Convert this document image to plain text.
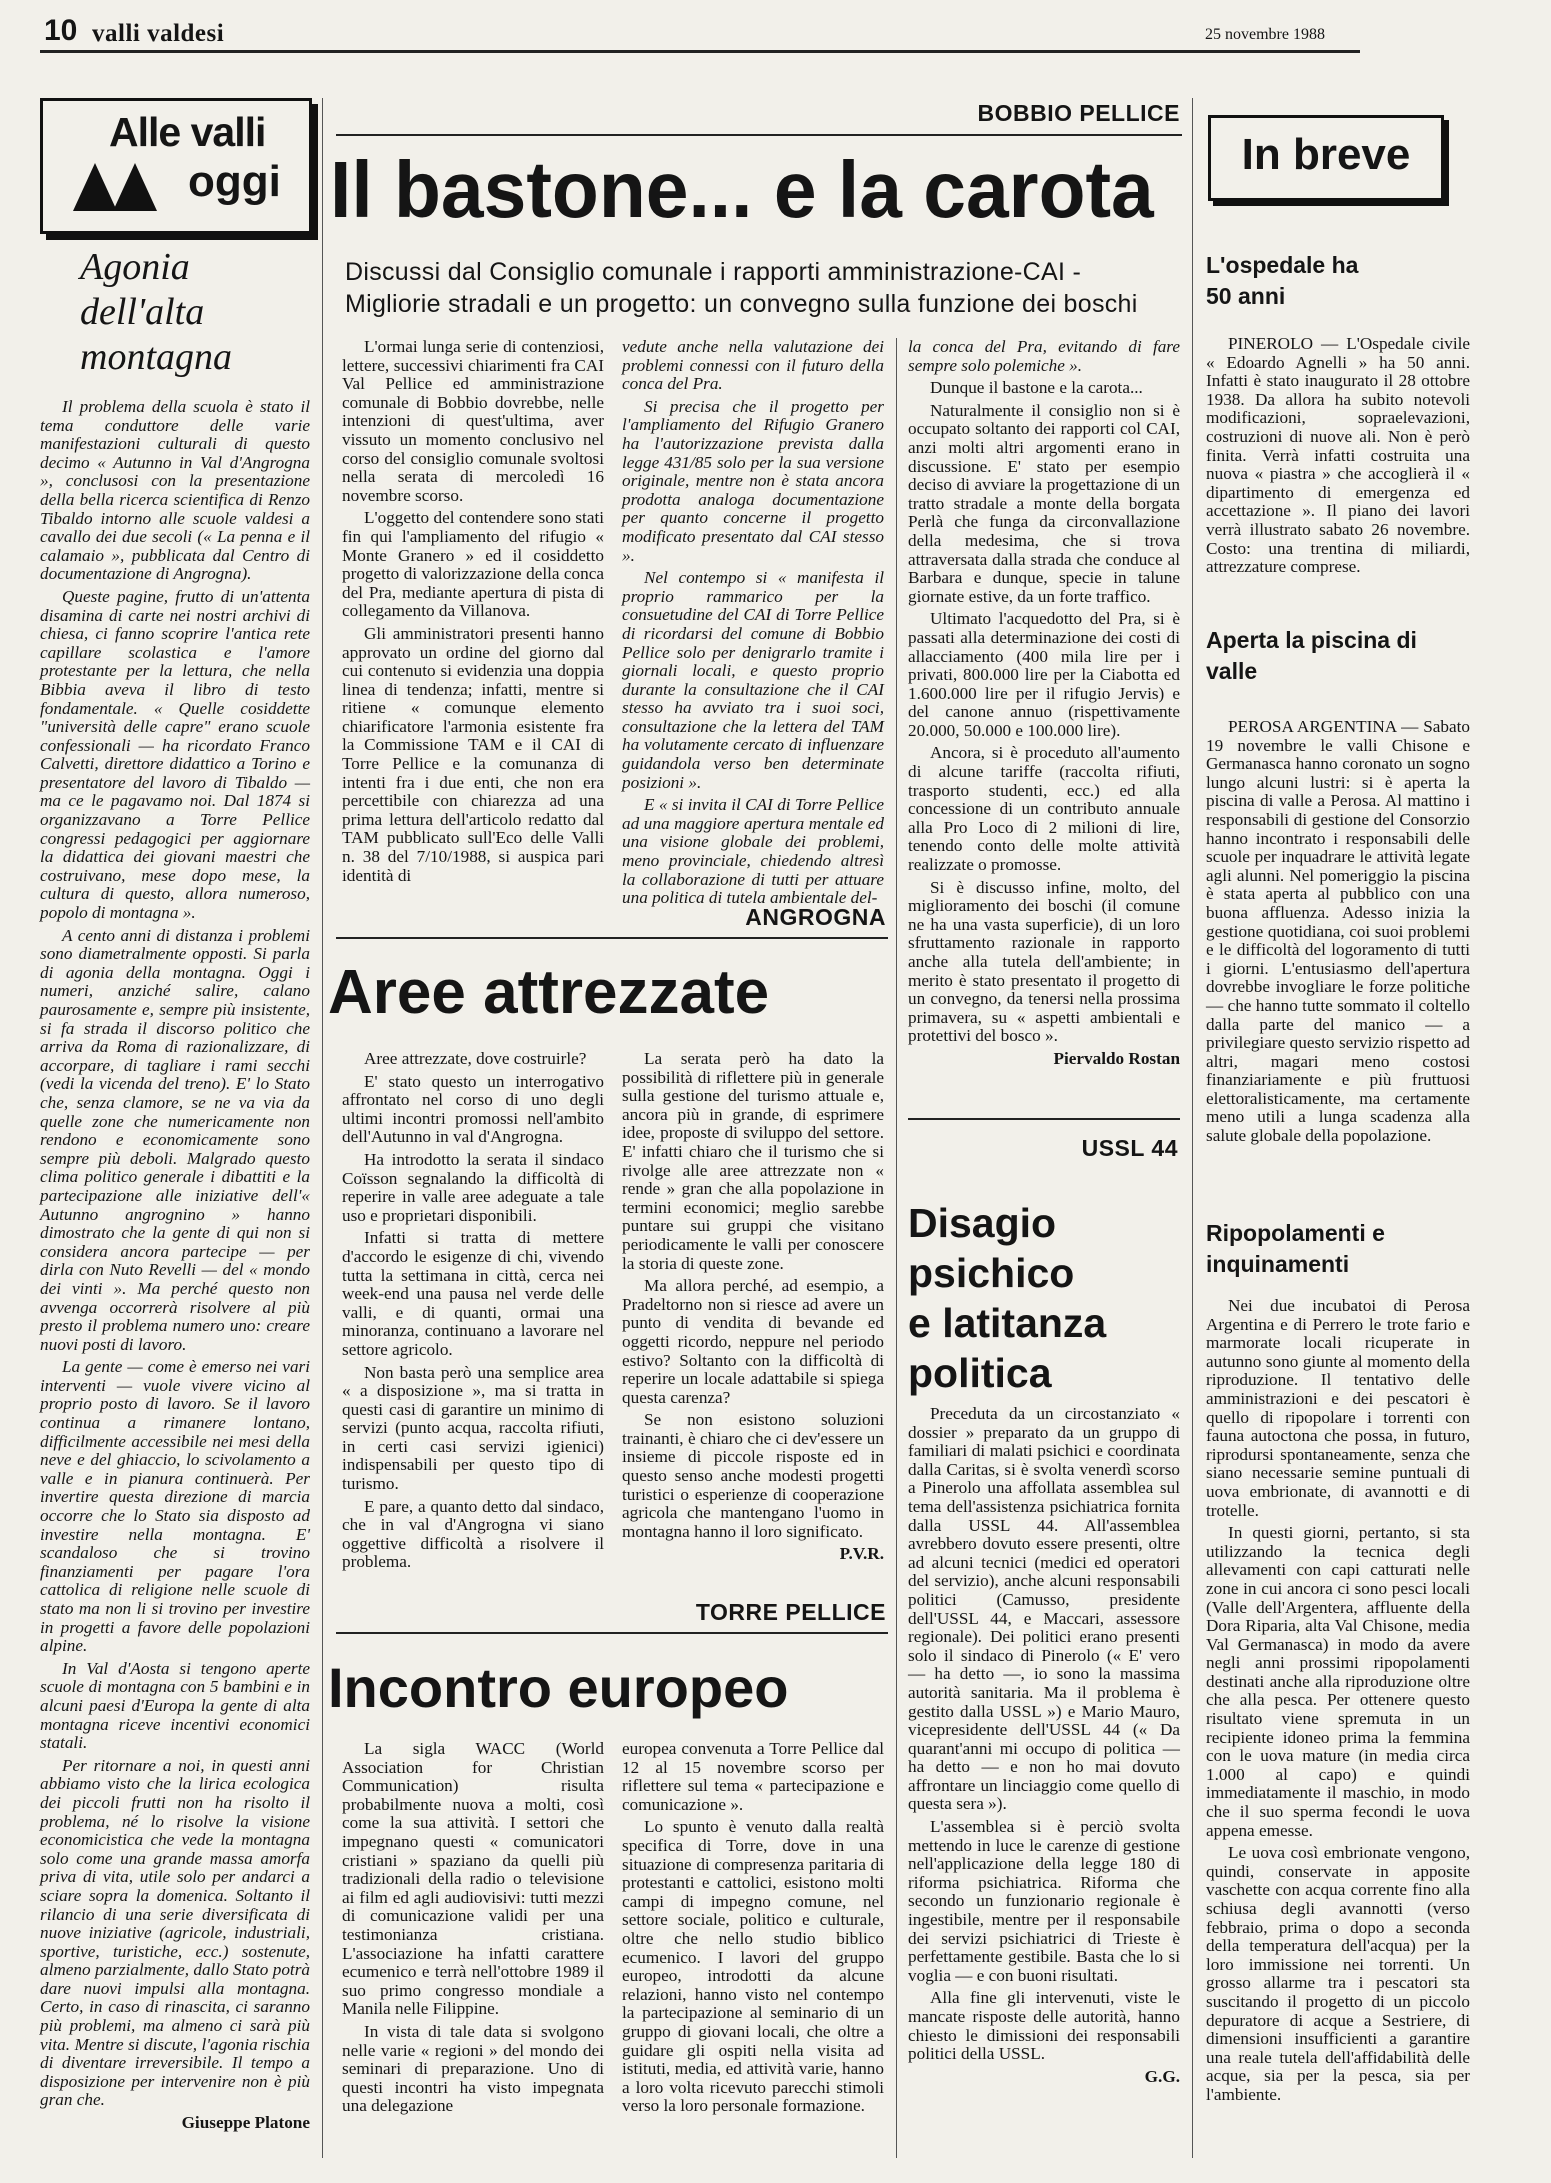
10 valli valdesi	25 novembre 1988
Alle valli
oggi
In breve
Agonia dell'alta montagna

Il problema della scuola è stato il tema conduttore delle varie manifestazioni culturali di questo decimo « Autunno in Val d'Angrogna », conclusosi con la presentazione della bella ricerca scientifica di Renzo Tibaldo intorno alle scuole valdesi a cavallo dei due secoli (« La penna e il calamaio », pubblicata dal Centro di documentazione di Angrogna).

Queste pagine, frutto di un'attenta disamina di carte nei nostri archivi di chiesa, ci fanno scoprire l'antica rete capillare scolastica e l'amore protestante per la lettura, che nella Bibbia aveva il libro di testo fondamentale. « Quelle cosiddette "università delle capre" erano scuole confessionali — ha ricordato Franco Calvetti, direttore didattico a Torino e presentatore del lavoro di Tibaldo — ma ce le pagavamo noi. Dal 1874 si organizzavano a Torre Pellice congressi pedagogici per aggiornare la didattica dei giovani maestri che costruivano, mese dopo mese, la cultura di questo, allora numeroso, popolo di montagna ».

A cento anni di distanza i problemi sono diametralmente opposti. Si parla di agonia della montagna. Oggi i numeri, anziché salire, calano paurosamente e, sempre più insistente, si fa strada il discorso politico che arriva da Roma di razionalizzare, di accorpare, di tagliare i rami secchi (vedi la vicenda del treno). E' lo Stato che, senza clamore, se ne va via da quelle zone che numericamente non rendono e economicamente sono sempre più deboli. Malgrado questo clima politico generale i dibattiti e la partecipazione alle iniziative dell'« Autunno angrognino » hanno dimostrato che la gente di qui non si considera ancora partecipe — per dirla con Nuto Revelli — del « mondo dei vinti ». Ma perché questo non avvenga occorrerà risolvere al più presto il problema numero uno: creare nuovi posti di lavoro.

La gente — come è emerso nei vari interventi — vuole vivere vicino al proprio posto di lavoro. Se il lavoro continua a rimanere lontano, difficilmente accessibile nei mesi della neve e del ghiaccio, lo scivolamento a valle e in pianura continuerà. Per invertire questa direzione di marcia occorre che lo Stato sia disposto ad investire nella montagna. E' scandaloso che si trovino finanziamenti per pagare l'ora cattolica di religione nelle scuole di stato ma non li si trovino per investire in progetti a favore delle popolazioni alpine.

In Val d'Aosta si tengono aperte scuole di montagna con 5 bambini e in alcuni paesi d'Europa la gente di alta montagna riceve incentivi economici statali.

Per ritornare a noi, in questi anni abbiamo visto che la lirica ecologica dei piccoli frutti non ha risolto il problema, né lo risolve la visione economicistica che vede la montagna solo come una grande massa amorfa priva di vita, utile solo per andarci a sciare sopra la domenica. Soltanto il rilancio di una serie diversificata di nuove iniziative (agricole, industriali, sportive, turistiche, ecc.) sostenute, almeno parzialmente, dallo Stato potrà dare nuovi impulsi alla montagna. Certo, in caso di rinascita, ci saranno più problemi, ma almeno ci sarà più vita. Mentre si discute, l'agonia rischia di diventare irreversibile. Il tempo a disposizione per intervenire non è più gran che.

Giuseppe Platone
BOBBIO PELLICE
Il bastone... e la carota
Discussi dal Consiglio comunale i rapporti amministrazione-CAI - Migliorie stradali e un progetto: un convegno sulla funzione dei boschi

L'ormai lunga serie di contenziosi, lettere, successivi chiarimenti fra CAI Val Pellice ed amministrazione comunale di Bobbio dovrebbe, nelle intenzioni di quest'ultima, aver vissuto un momento conclusivo nel corso del consiglio comunale svoltosi nella serata di mercoledì 16 novembre scorso.

L'oggetto del contendere sono stati fin qui l'ampliamento del rifugio « Monte Granero » ed il cosiddetto progetto di valorizzazione della conca del Pra, mediante apertura di pista di collegamento da Villanova.

Gli amministratori presenti hanno approvato un ordine del giorno dal cui contenuto si evidenzia una doppia linea di tendenza; infatti, mentre si ritiene « comunque elemento chiarificatore l'armonia esistente fra la Commissione TAM e il CAI di Torre Pellice e la comunanza di intenti fra i due enti, che non era percettibile con chiarezza ad una prima lettura dell'articolo redatto dal TAM pubblicato sull'Eco delle Valli n. 38 del 7/10/1988, si auspica pari identità di

vedute anche nella valutazione dei problemi connessi con il futuro della conca del Pra.

Si precisa che il progetto per l'ampliamento del Rifugio Granero ha l'autorizzazione prevista dalla legge 431/85 solo per la sua versione originale, mentre non è stata ancora prodotta analoga documentazione per quanto concerne il progetto modificato presentato dal CAI stesso ».

Nel contempo si « manifesta il proprio rammarico per la consuetudine del CAI di Torre Pellice di ricordarsi del comune di Bobbio Pellice solo per denigrarlo tramite i giornali locali, e questo proprio durante la consultazione che il CAI stesso ha avviato tra i suoi soci, consultazione che la lettera del TAM ha volutamente cercato di influenzare guidandola verso ben determinate posizioni ».

E « si invita il CAI di Torre Pellice ad una maggiore apertura mentale ed una visione globale dei problemi, meno provinciale, chiedendo altresì la collaborazione di tutti per attuare una politica di tutela ambientale del-

la conca del Pra, evitando di fare sempre solo polemiche ».

Dunque il bastone e la carota...

Naturalmente il consiglio non si è occupato soltanto dei rapporti col CAI, anzi molti altri argomenti erano in discussione. E' stato per esempio deciso di avviare la progettazione di un tratto stradale a monte della borgata Perlà che funga da circonvallazione della medesima, che si trova attraversata dalla strada che conduce al Barbara e dunque, specie in talune giornate estive, da un forte traffico.

Ultimato l'acquedotto del Pra, si è passati alla determinazione dei costi di allacciamento (400 mila lire per i privati, 800.000 lire per la Ciabotta ed 1.600.000 lire per il rifugio Jervis) e del canone annuo (rispettivamente 20.000, 50.000 e 100.000 lire).

Ancora, si è proceduto all'aumento di alcune tariffe (raccolta rifiuti, trasporto studenti, ecc.) ed alla concessione di un contributo annuale alla Pro Loco di 2 milioni di lire, tenendo conto delle molte attività realizzate o promosse.

Si è discusso infine, molto, del miglioramento dei boschi (il comune ne ha una vasta superficie), di un loro sfruttamento razionale in rapporto anche alla tutela dell'ambiente; in merito è stato presentato il progetto di un convegno, da tenersi nella prossima primavera, su « aspetti ambientali e protettivi del bosco ».

Piervaldo Rostan
ANGROGNA
Aree attrezzate

Aree attrezzate, dove costruirle?

E' stato questo un interrogativo affrontato nel corso di uno degli ultimi incontri promossi nell'ambito dell'Autunno in val d'Angrogna.

Ha introdotto la serata il sindaco Coïsson segnalando la difficoltà di reperire in valle aree adeguate a tale uso e proprietari disponibili.

Infatti si tratta di mettere d'accordo le esigenze di chi, vivendo tutta la settimana in città, cerca nei week-end una pausa nel verde delle valli, e di quanti, ormai una minoranza, continuano a lavorare nel settore agricolo.

Non basta però una semplice area « a disposizione », ma si tratta in questi casi di garantire un minimo di servizi (punto acqua, raccolta rifiuti, in certi casi servizi igienici) indispensabili per questo tipo di turismo.

E pare, a quanto detto dal sindaco, che in val d'Angrogna vi siano oggettive difficoltà a risolvere il problema.

La serata però ha dato la possibilità di riflettere più in generale sulla gestione del turismo attuale e, ancora più in grande, di esprimere idee, proposte di sviluppo del settore. E' infatti chiaro che il turismo che si rivolge alle aree attrezzate non « rende » gran che alla popolazione in termini economici; meglio sarebbe puntare sui gruppi che visitano periodicamente le valli per conoscere la storia di queste zone.

Ma allora perché, ad esempio, a Pradeltorno non si riesce ad avere un punto di vendita di bevande ed oggetti ricordo, neppure nel periodo estivo? Soltanto con la difficoltà di reperire un locale adattabile si spiega questa carenza?

Se non esistono soluzioni trainanti, è chiaro che ci dev'essere un insieme di piccole risposte ed in questo senso anche modesti progetti turistici o esperienze di cooperazione agricola che mantengano l'uomo in montagna hanno il loro significato.

P.V.R.
TORRE PELLICE
Incontro europeo

La sigla WACC (World Association for Christian Communication) risulta probabilmente nuova a molti, così come la sua attività. I settori che impegnano questi « comunicatori cristiani » spaziano da quelli più tradizionali della radio o televisione ai film ed agli audiovisivi: tutti mezzi di comunicazione validi per una testimonianza cristiana. L'associazione ha infatti carattere ecumenico e terrà nell'ottobre 1989 il suo primo congresso mondiale a Manila nelle Filippine.

In vista di tale data si svolgono nelle varie « regioni » del mondo dei seminari di preparazione. Uno di questi incontri ha visto impegnata una delegazione

europea convenuta a Torre Pellice dal 12 al 15 novembre scorso per riflettere sul tema « partecipazione e comunicazione ».

Lo spunto è venuto dalla realtà specifica di Torre, dove in una situazione di compresenza paritaria di protestanti e cattolici, esistono molti campi di impegno comune, nel settore sociale, politico e culturale, oltre che nello studio biblico ecumenico. I lavori del gruppo europeo, introdotti da alcune relazioni, hanno visto nel contempo la partecipazione al seminario di un gruppo di giovani locali, che oltre a guidare gli ospiti nella visita ad istituti, media, ed attività varie, hanno a loro volta ricevuto parecchi stimoli verso la loro personale formazione.

USSL 44
Disagio
psichico
e latitanza
politica

Preceduta da un circostanziato « dossier » preparato da un gruppo di familiari di malati psichici e coordinata dalla Caritas, si è svolta venerdì scorso a Pinerolo una affollata assemblea sul tema dell'assistenza psichiatrica fornita dalla USSL 44. All'assemblea avrebbero dovuto essere presenti, oltre ad alcuni tecnici (medici ed operatori del servizio), anche alcuni responsabili politici (Camusso, presidente dell'USSL 44, e Maccari, assessore regionale). Dei politici erano presenti solo il sindaco di Pinerolo (« E' vero — ha detto —, io sono la massima autorità sanitaria. Ma il problema è gestito dalla USSL ») e Mario Mauro, vicepresidente dell'USSL 44 (« Da quarant'anni mi occupo di politica — ha detto — e non ho mai dovuto affrontare un linciaggio come quello di questa sera »).

L'assemblea si è perciò svolta mettendo in luce le carenze di gestione nell'applicazione della legge 180 di riforma psichiatrica. Riforma che secondo un funzionario regionale è ingestibile, mentre per il responsabile dei servizi psichiatrici di Trieste è perfettamente gestibile. Basta che lo si voglia — e con buoni risultati.

Alla fine gli intervenuti, viste le mancate risposte delle autorità, hanno chiesto le dimissioni dei responsabili politici della USSL.

G.G.
L'ospedale ha 50 anni

PINEROLO — L'Ospedale civile « Edoardo Agnelli » ha 50 anni. Infatti è stato inaugurato il 28 ottobre 1938. Da allora ha subito notevoli modificazioni, sopraelevazioni, costruzioni di nuove ali. Non è però finita. Verrà infatti costruita una nuova « piastra » che accoglierà il « dipartimento di emergenza ed accettazione ». Il piano dei lavori verrà illustrato sabato 26 novembre. Costo: una trentina di miliardi, attrezzature comprese.

Aperta la piscina di valle

PEROSA ARGENTINA — Sabato 19 novembre le valli Chisone e Germanasca hanno coronato un sogno lungo alcuni lustri: si è aperta la piscina di valle a Perosa. Al mattino i responsabili di gestione del Consorzio hanno incontrato i responsabili delle scuole per inquadrare le attività legate agli alunni. Nel pomeriggio la piscina è stata aperta al pubblico con una buona affluenza. Adesso inizia la gestione quotidiana, coi suoi problemi e le difficoltà del logoramento di tutti i giorni. L'entusiasmo dell'apertura dovrebbe invogliare le forze politiche — che hanno tutte sommato il coltello dalla parte del manico — a privilegiare questo servizio rispetto ad altri, magari meno costosi finanziariamente e più fruttuosi elettoralisticamente, ma certamente meno utili a lunga scadenza alla salute globale della popolazione.

Ripopolamenti e inquinamenti

Nei due incubatoi di Perosa Argentina e di Perrero le trote fario e marmorate locali ricuperate in autunno sono giunte al momento della riproduzione. Il tentativo delle amministrazioni e dei pescatori è quello di ripopolare i torrenti con fauna autoctona che possa, in futuro, riprodursi spontaneamente, senza che siano necessarie semine puntuali di uova embrionate, di avannotti e di trotelle.

In questi giorni, pertanto, si sta utilizzando la tecnica degli allevamenti con capi catturati nelle zone in cui ancora ci sono pesci locali (Valle dell'Argentera, affluente della Dora Riparia, alta Val Chisone, media Val Germanasca) in modo da avere negli anni prossimi ripopolamenti destinati anche alla riproduzione oltre che alla pesca. Per ottenere questo risultato viene spremuta in un recipiente idoneo prima la femmina con le uova mature (in media circa 1.000 al capo) e quindi immediatamente il maschio, in modo che il suo sperma fecondi le uova appena emesse.

Le uova così embrionate vengono, quindi, conservate in apposite vaschette con acqua corrente fino alla schiusa degli avannotti (verso febbraio, prima o dopo a seconda della temperatura dell'acqua) per la loro immissione nei torrenti. Un grosso allarme tra i pescatori sta suscitando il progetto di un piccolo depuratore di acque a Sestriere, di dimensioni insufficienti a garantire una reale tutela dell'affidabilità delle acque, sia per la pesca, sia per l'ambiente.
